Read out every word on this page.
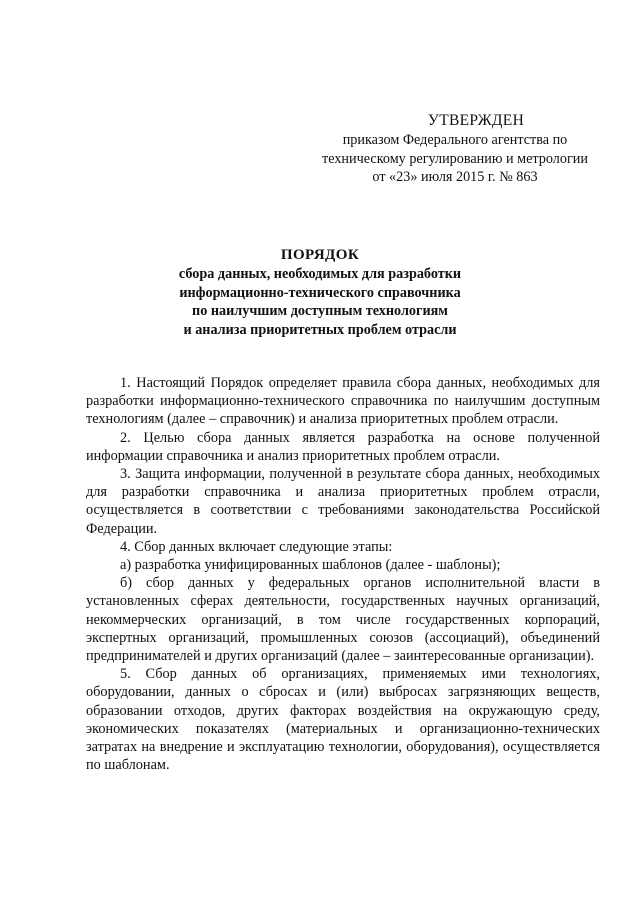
УТВЕРЖДЕН
приказом Федерального агентства по
техническому регулированию и метрологии
от «23» июля 2015 г. № 863
ПОРЯДОК
сбора данных, необходимых для разработки
информационно-технического справочника
по наилучшим доступным технологиям
и анализа приоритетных проблем отрасли

1. Настоящий Порядок определяет правила сбора данных, необходимых для разработки информационно-технического справочника по наилучшим доступным технологиям (далее – справочник) и анализа приоритетных проблем отрасли.

2. Целью сбора данных является разработка на основе полученной информации справочника и анализ приоритетных проблем отрасли.

3. Защита информации, полученной в результате сбора данных, необходимых для разработки справочника и анализа приоритетных проблем отрасли, осуществляется в соответствии с требованиями законодательства Российской Федерации.

4. Сбор данных включает следующие этапы:

а) разработка унифицированных шаблонов (далее - шаблоны);

б) сбор данных у федеральных органов исполнительной власти в установленных сферах деятельности, государственных научных организаций, некоммерческих организаций, в том числе государственных корпораций, экспертных организаций, промышленных союзов (ассоциаций), объединений предпринимателей и других организаций (далее – заинтересованные организации).

5. Сбор данных об организациях, применяемых ими технологиях, оборудовании, данных о сбросах и (или) выбросах загрязняющих веществ, образовании отходов, других факторах воздействия на окружающую среду, экономических показателях (материальных и организационно-технических затратах на внедрение и эксплуатацию технологии, оборудования), осуществляется по шаблонам.
